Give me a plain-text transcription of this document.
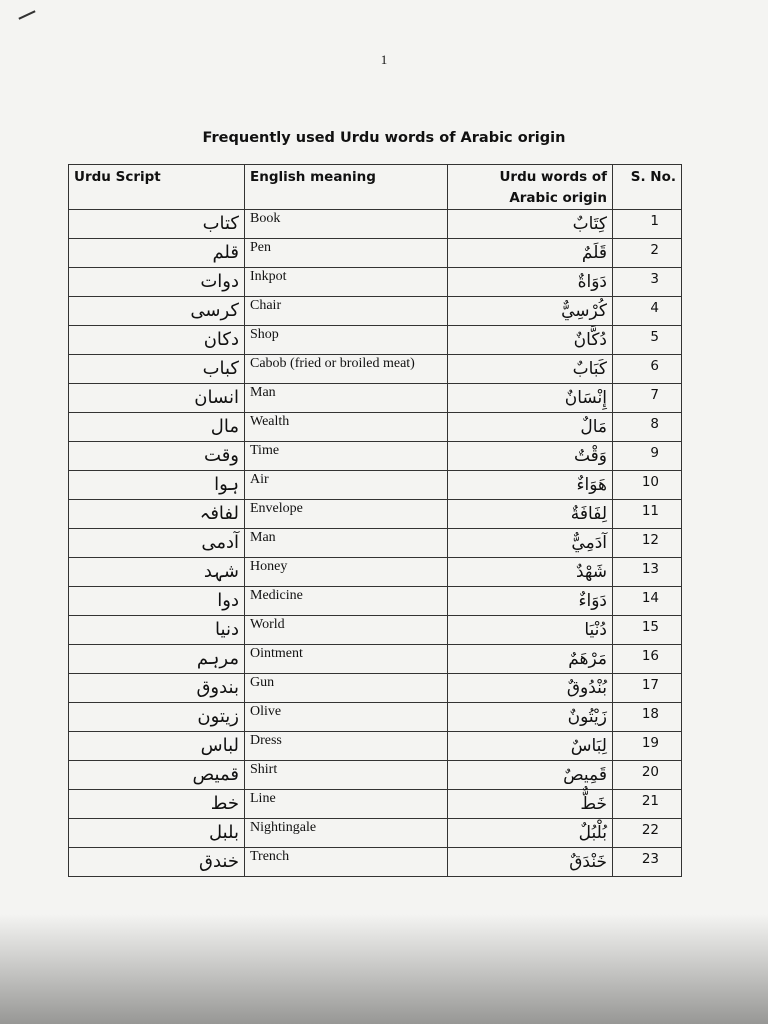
1
Frequently used Urdu words of Arabic origin
Urdu Script	English meaning	Urdu words of Arabic origin	S. No.
کتاب	Book	كِتَابٌ	1
قلم	Pen	قَلَمٌ	2
دوات	Inkpot	دَوَاةٌ	3
کرسی	Chair	كُرْسِيٌّ	4
دکان	Shop	دُكَّانٌ	5
کباب	Cabob (fried or broiled meat)	كَبَابٌ	6
انسان	Man	إِنْسَانٌ	7
مال	Wealth	مَالٌ	8
وقت	Time	وَقْتٌ	9
ہوا	Air	هَوَاءٌ	10
لفافہ	Envelope	لِفَافَةٌ	11
آدمی	Man	آدَمِيٌّ	12
شہد	Honey	شَهْدٌ	13
دوا	Medicine	دَوَاءٌ	14
دنیا	World	دُنْيَا	15
مرہم	Ointment	مَرْهَمٌ	16
بندوق	Gun	بُنْدُوقٌ	17
زیتون	Olive	زَيْتُونٌ	18
لباس	Dress	لِبَاسٌ	19
قمیص	Shirt	قَمِيصٌ	20
خط	Line	خَطٌّ	21
بلبل	Nightingale	بُلْبُلٌ	22
خندق	Trench	خَنْدَقٌ	23
